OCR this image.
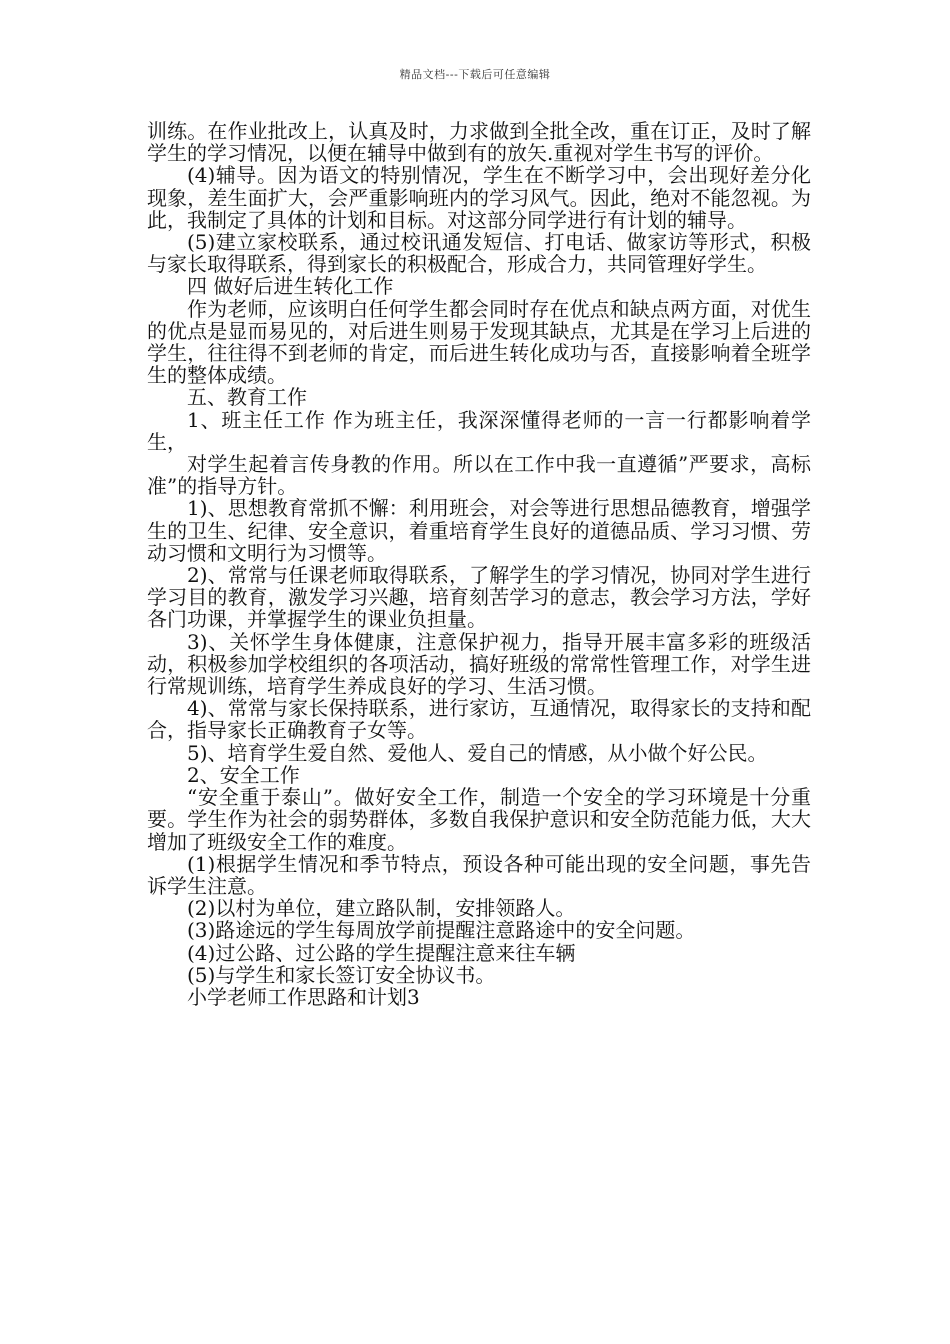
精品文档---下载后可任意编辑

训练。在作业批改上，认真及时，力求做到全批全改，重在订正，及时了解学生的学习情况，以便在辅导中做到有的放矢.重视对学生书写的评价。

(4)辅导。因为语文的特别情况，学生在不断学习中，会出现好差分化现象，差生面扩大，会严重影响班内的学习风气。因此，绝对不能忽视。为此，我制定了具体的计划和目标。对这部分同学进行有计划的辅导。

(5)建立家校联系，通过校讯通发短信、打电话、做家访等形式，积极与家长取得联系，得到家长的积极配合，形成合力，共同管理好学生。

四 做好后进生转化工作

作为老师，应该明白任何学生都会同时存在优点和缺点两方面，对优生的优点是显而易见的，对后进生则易于发现其缺点，尤其是在学习上后进的学生，往往得不到老师的肯定，而后进生转化成功与否，直接影响着全班学生的整体成绩。

五、教育工作

1、班主任工作 作为班主任，我深深懂得老师的一言一行都影响着学生，

对学生起着言传身教的作用。所以在工作中我一直遵循”严要求，高标准”的指导方针。

1)、思想教育常抓不懈：利用班会，对会等进行思想品德教育，增强学生的卫生、纪律、安全意识，着重培育学生良好的道德品质、学习习惯、劳动习惯和文明行为习惯等。

2)、常常与任课老师取得联系，了解学生的学习情况，协同对学生进行学习目的教育，激发学习兴趣，培育刻苦学习的意志，教会学习方法，学好各门功课，并掌握学生的课业负担量。

3)、关怀学生身体健康，注意保护视力，指导开展丰富多彩的班级活动，积极参加学校组织的各项活动，搞好班级的常常性管理工作，对学生进行常规训练，培育学生养成良好的学习、生活习惯。

4)、常常与家长保持联系，进行家访，互通情况，取得家长的支持和配合，指导家长正确教育子女等。

5)、培育学生爱自然、爱他人、爱自己的情感，从小做个好公民。

2、安全工作

“安全重于泰山”。做好安全工作，制造一个安全的学习环境是十分重要。学生作为社会的弱势群体，多数自我保护意识和安全防范能力低，大大增加了班级安全工作的难度。

(1)根据学生情况和季节特点，预设各种可能出现的安全问题，事先告诉学生注意。

(2)以村为单位，建立路队制，安排领路人。

(3)路途远的学生每周放学前提醒注意路途中的安全问题。

(4)过公路、过公路的学生提醒注意来往车辆

(5)与学生和家长签订安全协议书。

小学老师工作思路和计划3
